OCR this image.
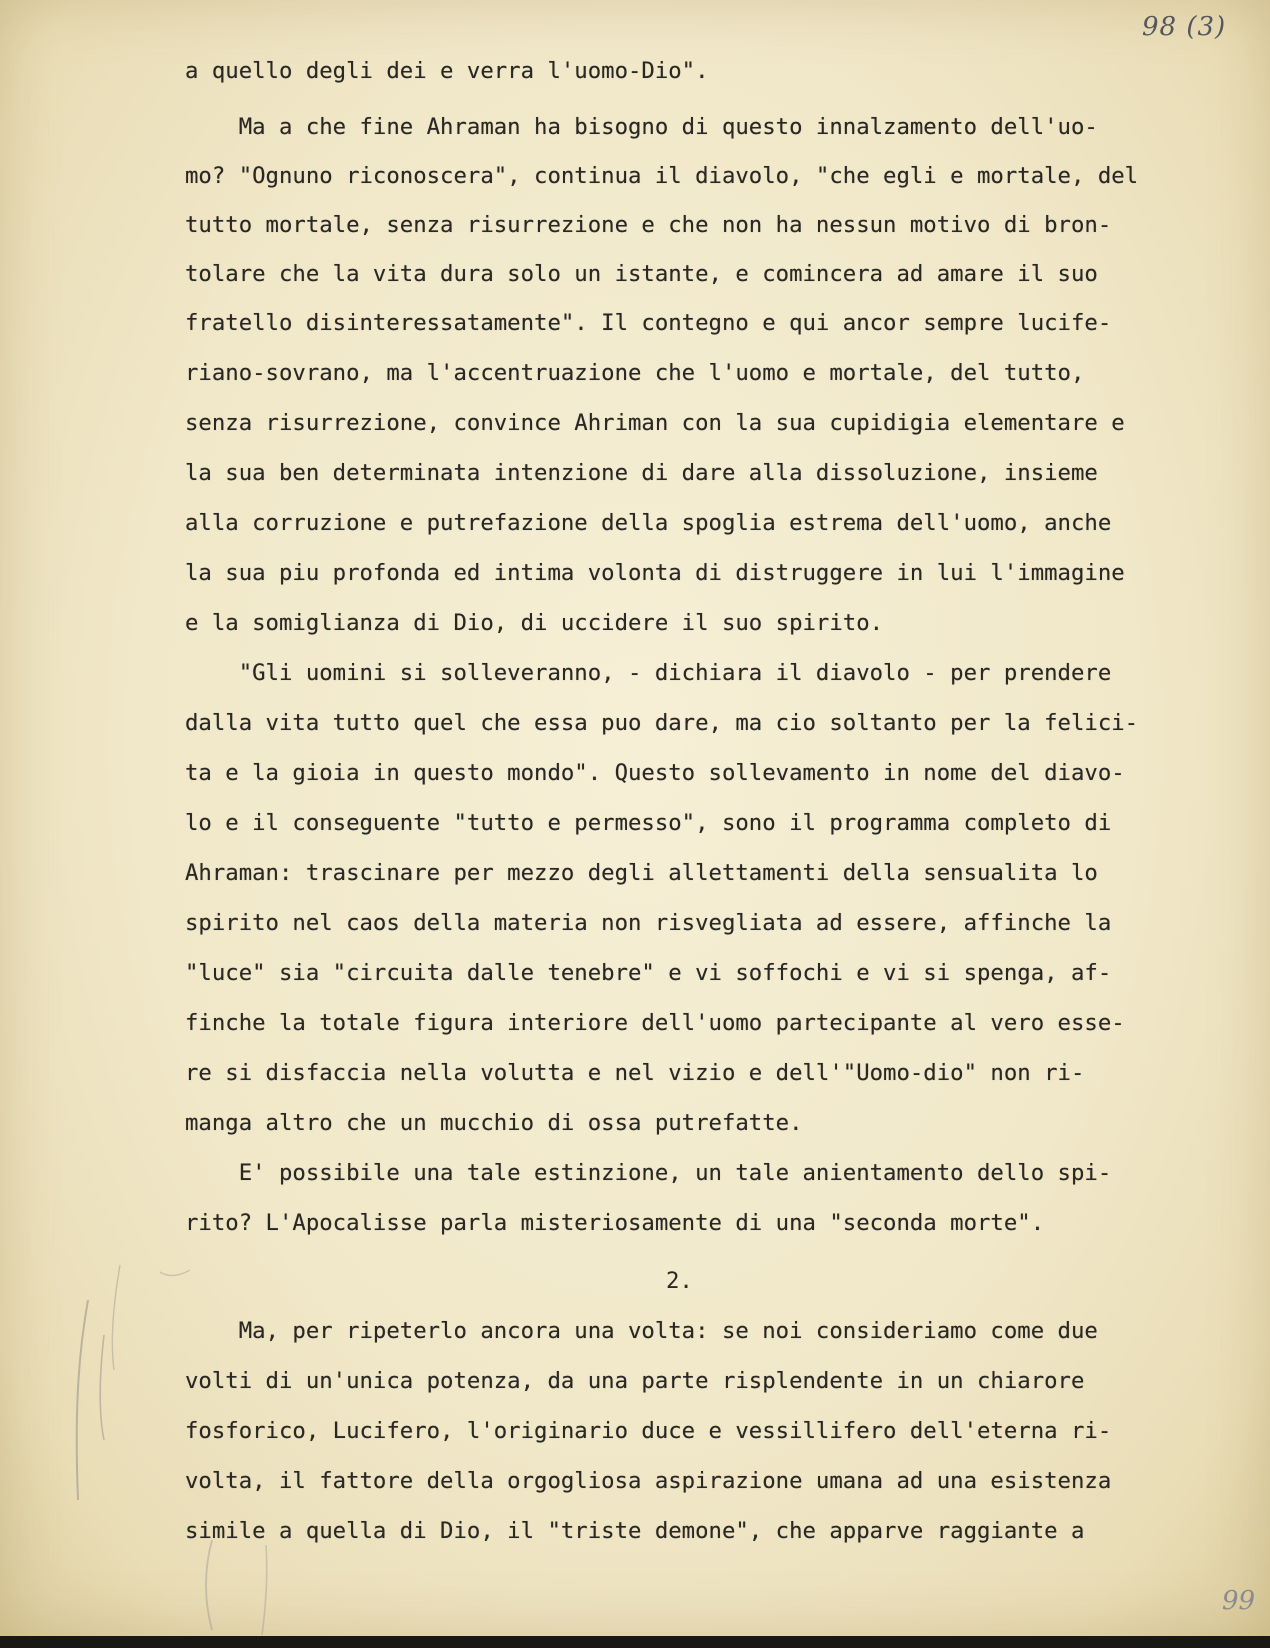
98 (3)
a quello degli dei e verra l'uomo-Dio".
Ma a che fine Ahraman ha bisogno di questo innalzamento dell'uo-
mo? "Ognuno riconoscera", continua il diavolo, "che egli e mortale, del
tutto mortale, senza risurrezione e che non ha nessun motivo di bron-
tolare che la vita dura solo un istante, e comincera ad amare il suo
fratello disinteressatamente". Il contegno e qui ancor sempre lucife-
riano-sovrano, ma l'accentruazione che l'uomo e mortale, del tutto,
senza risurrezione, convince Ahriman con la sua cupidigia elementare e
la sua ben determinata intenzione di dare alla dissoluzione, insieme
alla corruzione e putrefazione della spoglia estrema dell'uomo, anche
la sua piu profonda ed intima volonta di distruggere in lui l'immagine
e la somiglianza di Dio, di uccidere il suo spirito.
"Gli uomini si solleveranno, - dichiara il diavolo - per prendere
dalla vita tutto quel che essa puo dare, ma cio soltanto per la felici-
ta e la gioia in questo mondo". Questo sollevamento in nome del diavo-
lo e il conseguente "tutto e permesso", sono il programma completo di
Ahraman: trascinare per mezzo degli allettamenti della sensualita lo
spirito nel caos della materia non risvegliata ad essere, affinche la
"luce" sia "circuita dalle tenebre" e vi soffochi e vi si spenga, af-
finche la totale figura interiore dell'uomo partecipante al vero esse-
re si disfaccia nella volutta e nel vizio e dell'"Uomo-dio" non ri-
manga altro che un mucchio di ossa putrefatte.
E' possibile una tale estinzione, un tale anientamento dello spi-
rito? L'Apocalisse parla misteriosamente di una "seconda morte".
Ma, per ripeterlo ancora una volta: se noi consideriamo come due
volti di un'unica potenza, da una parte risplendente in un chiarore
fosforico, Lucifero, l'originario duce e vessillifero dell'eterna ri-
volta, il fattore della orgogliosa aspirazione umana ad una esistenza
simile a quella di Dio, il "triste demone", che apparve raggiante a
2.
99
